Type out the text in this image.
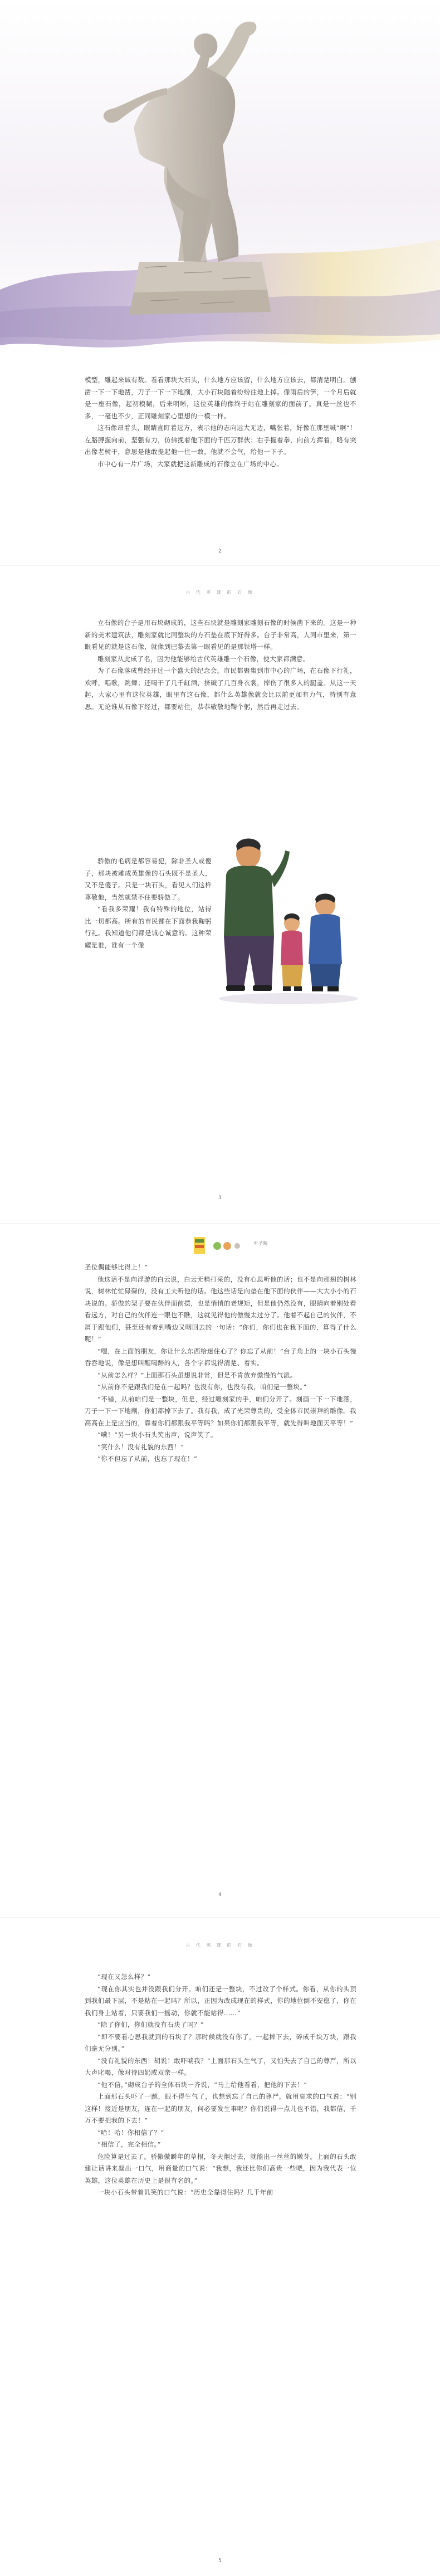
模型，雕起来诚有数。看看那块大石头，什么地方应该留，什么地方应该去，都清楚明白。刨凿一下一下地凿，刀子一下一下地削，大小石块随着纷纷往地上掉。像雨后的笋，一个月后就是一座石像，起初模糊，后来明晰，这位英雄的像终于站在雕刻家的面前了。真是一丝也不多，一毫也不少，正同雕刻家心里想的一模一样。

这石像昂着头，眼睛直盯着远方，表示他的志向远大无边，嘴张着，好像在那里喊“啊”！左胳膊握向前，坚强有力，仿佛挽着他下面的千匹万群伙；右手握着拳，向前方挥着，略有突出像老树干，意思是他敢提起他一往一敢，他就不会气，给他一下子。

市中心有一片广场，大家就把这新雕成的石像立在广场的中心。

2
古 代 英 雄 的 石 像

立石像的台子是用石块砌成的，这些石块就是雕刻家雕刻石像的时候凿下来的。这是一种新的美术建筑法，雕刻家就比同整块的方石垫在底下好得多。台子非常高，人同市里来，第一眼看见的就是这石像，就像到巴黎去第一眼看见的是那铁塔一样。

雕刻家从此成了名，因为他能够给古代英雄雕一个石像，使大家都满意。

为了石像落成曾经开过一个盛大的纪念会。市民都聚集到市中心的广场，在石像下行礼，欢呼，唱歌，跳舞；还喝干了几千缸酒，挤破了几百身衣裳，摔伤了很多人的腿盖。从这一天起，大家心里有这位英雄，眼里有这石像，都什么英雄像就会比以前更加有力气，特别有意思。无论谁从石像下经过，都要站住，恭恭敬敬地鞠个躬，然后再走过去。

骄傲的毛病是都容易犯，除非圣人或傻子，那块被雕成英雄像的石头既不是圣人，又不是傻子。只是一块石头，看见人们这样尊敬他，当然就禁不住要骄傲了。

“看我多荣耀！我有特殊的地位，站得比一切都高。所有的市民都在下面恭我鞠躬行礼。我知道他们都是诚心诚意的。这种荣耀是谁，谁有一个像

3
叶圣陶

圣位偶能够比得上！”

他这话不是向浮游的白云说，白云无精打采的，没有心思听他的话；也不是向那翘的树林说，树林忙忙碌碌的，没有工夫听他的话。他这些话是向垫在他下面的伙伴——大大小小的石块说的。骄傲的架子要在伙伴面前摆，也是悄悄的老规矩，但是他仍然没有，眼睛向着别处看看远方，对自己的伙伴连一眼也不瞧，这就见得他的傲慢太过分了。他着不起自己的伙伴，不屑于跟他们，甚至还有着到嘴边又咽回去的一句话：“你们，你们也在我下面的，算得了什么呢！”

“嘿，在上面的朋友，你让什么东西给迷住心了？你忘了从前！”台子角上的一块小石头慢吞吞地说，像是想叫醒喝醉的人，各个字都说得清楚、着实。

“从前怎么样？”上面那石头虽想说非常，但是不肯放弃傲慢的气派。

“从前你不是跟我们是在一起吗？也没有你，也没有我，咱们是一整块。”

“不错，从前咱们是一整块，但是，经过雕刻家的手，咱们分开了。刻画一下一下地落，刀子一下一下地削，你们都掉下去了。我有我，成了光荣尊贵的，受全体市民崇拜的雕像。我高高在上是应当的，靠着你们都跟我平等吗？如果你们都跟我平等，就先得叫地面天平等！”

“嗬！”另一块小石头笑出声，说声笑了。

“笑什么！没有礼貌的东西！”

“你不但忘了从前，也忘了现在！”

4
古 代 英 雄 的 石 像

“现在又怎么样？”

“现在你其实也并没跟我们分开。咱们还是一整块，不过改了个样式。你看，从你的头顶到我们最下层，不是粘在一起吗？所以，正因为改成现在的样式，你的地位倒不安稳了，你在我们身上站着，只要我们一摇动，你就不能站得……”

“除了你们，你们就没有石块了吗？”

“即不要看心思我就到的石块了？那时候就没有你了，一起摔下去，碎成千块万块，跟我们毫无分别。”

“没有礼貌的东西！胡说！敢吓唬我？”上面那石头生气了，又怕失去了自己的尊严，所以大声叱喝，像对待四奶或双亲一样。

“他不信，”砌成台子的全体石块一齐说，“马上给他看看，把他的下去！”

上面那石头吓了一跳，眼不得生气了，也想到忘了自己的尊严，就用哀求的口气说：“别这样！接近是朋友，连在一起的朋友，何必要发生事呢？你们说得一点儿也不错，我都信，千万不要把我的下去！”

“哈！哈！你相信了？”

“相信了，完全相信。”

危险算是过去了。骄傲傲瞬年的草根，冬天烟过去，就能出一丝丝的嫩芽。上面的石头敢建让话讲来凝出一口气，用商量的口气说：“我想，我还比你们高贵一些吧，因为我代表一位英雄，这位英雄在历史上是很有名的。”

一块小石头带着讥笑的口气说：“历史全靠得住吗？几千年前

5
